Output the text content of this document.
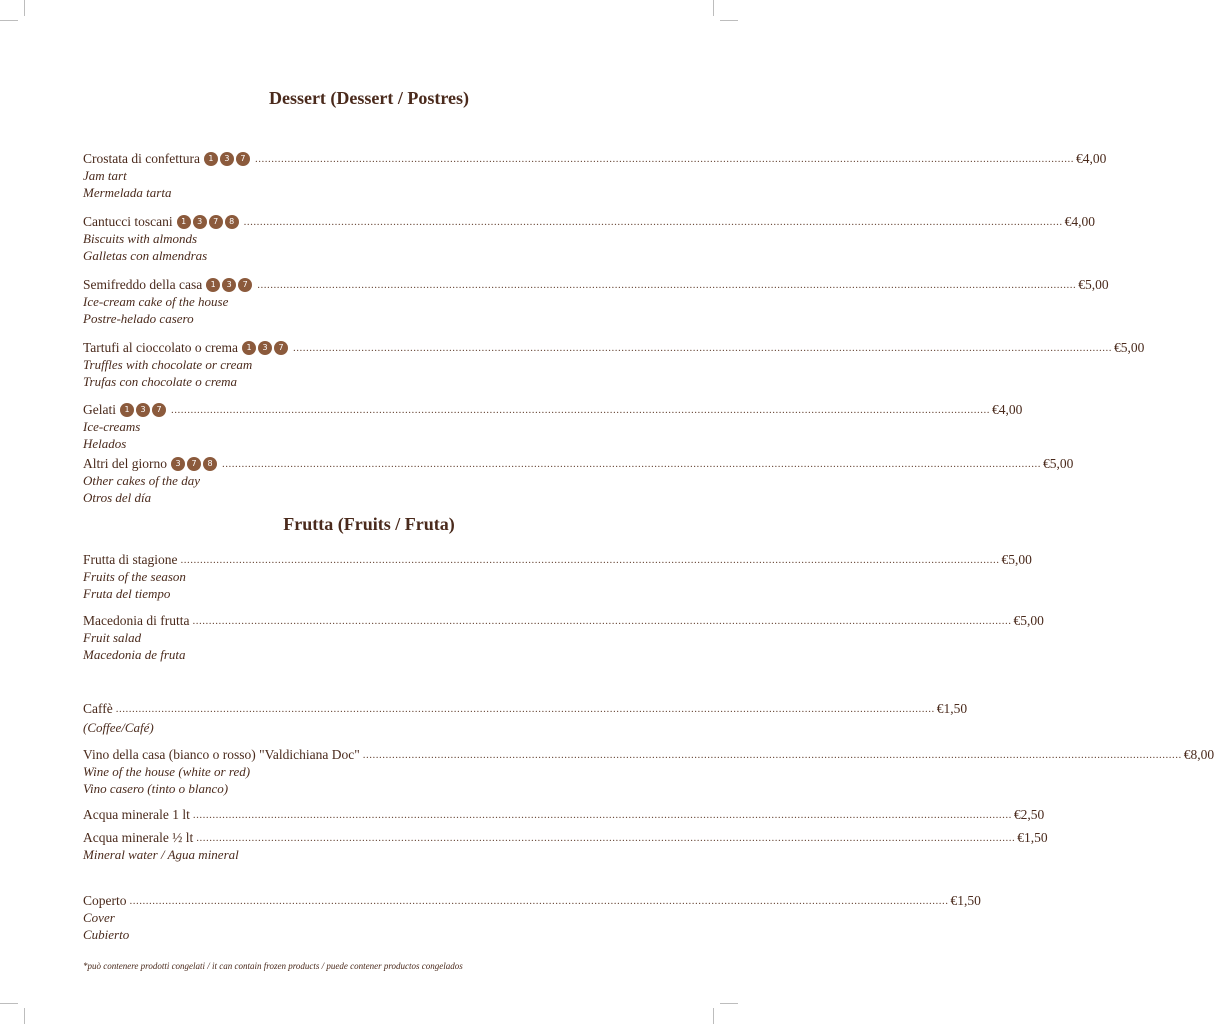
Dessert (Dessert / Postres)
Frutta (Fruits / Fruta)
Crostata di confettura	1	3	7 ............................................................................................................................................................................................................................................................ € 4,00
Jam tart
Mermelada tarta
Cantucci toscani	1	3	7	8 ............................................................................................................................................................................................................................................................ € 4,00
Biscuits with almonds
Galletas con almendras
Semifreddo della casa	1	3	7 ............................................................................................................................................................................................................................................................ € 5,00
Ice-cream cake of the house
Postre-helado casero
Tartufi al cioccolato o crema	1	3	7 ............................................................................................................................................................................................................................................................ € 5,00
Truffles with chocolate or cream
Trufas con chocolate o crema
Gelati	1	3	7 ............................................................................................................................................................................................................................................................ € 4,00
Ice-creams
Helados
Altri del giorno	3	7	8 ............................................................................................................................................................................................................................................................ € 5,00
Other cakes of the day
Otros del día
Frutta di stagione ............................................................................................................................................................................................................................................................ € 5,00
Fruits of the season
Fruta del tiempo
Macedonia di frutta ............................................................................................................................................................................................................................................................ € 5,00
Fruit salad
Macedonia de fruta
Caffè ............................................................................................................................................................................................................................................................ € 1,50
(Coffee/Café)
Vino della casa (bianco o rosso) "Valdichiana Doc" ............................................................................................................................................................................................................................................................ € 8,00
Wine of the house (white or red)
Vino casero (tinto o blanco)
Acqua minerale 1 lt ............................................................................................................................................................................................................................................................ € 2,50
Acqua minerale ½ lt ............................................................................................................................................................................................................................................................ € 1,50
Mineral water / Agua mineral
Coperto ............................................................................................................................................................................................................................................................ € 1,50
Cover
Cubierto
*può contenere prodotti congelati / it can contain frozen products / puede contener productos congelados
